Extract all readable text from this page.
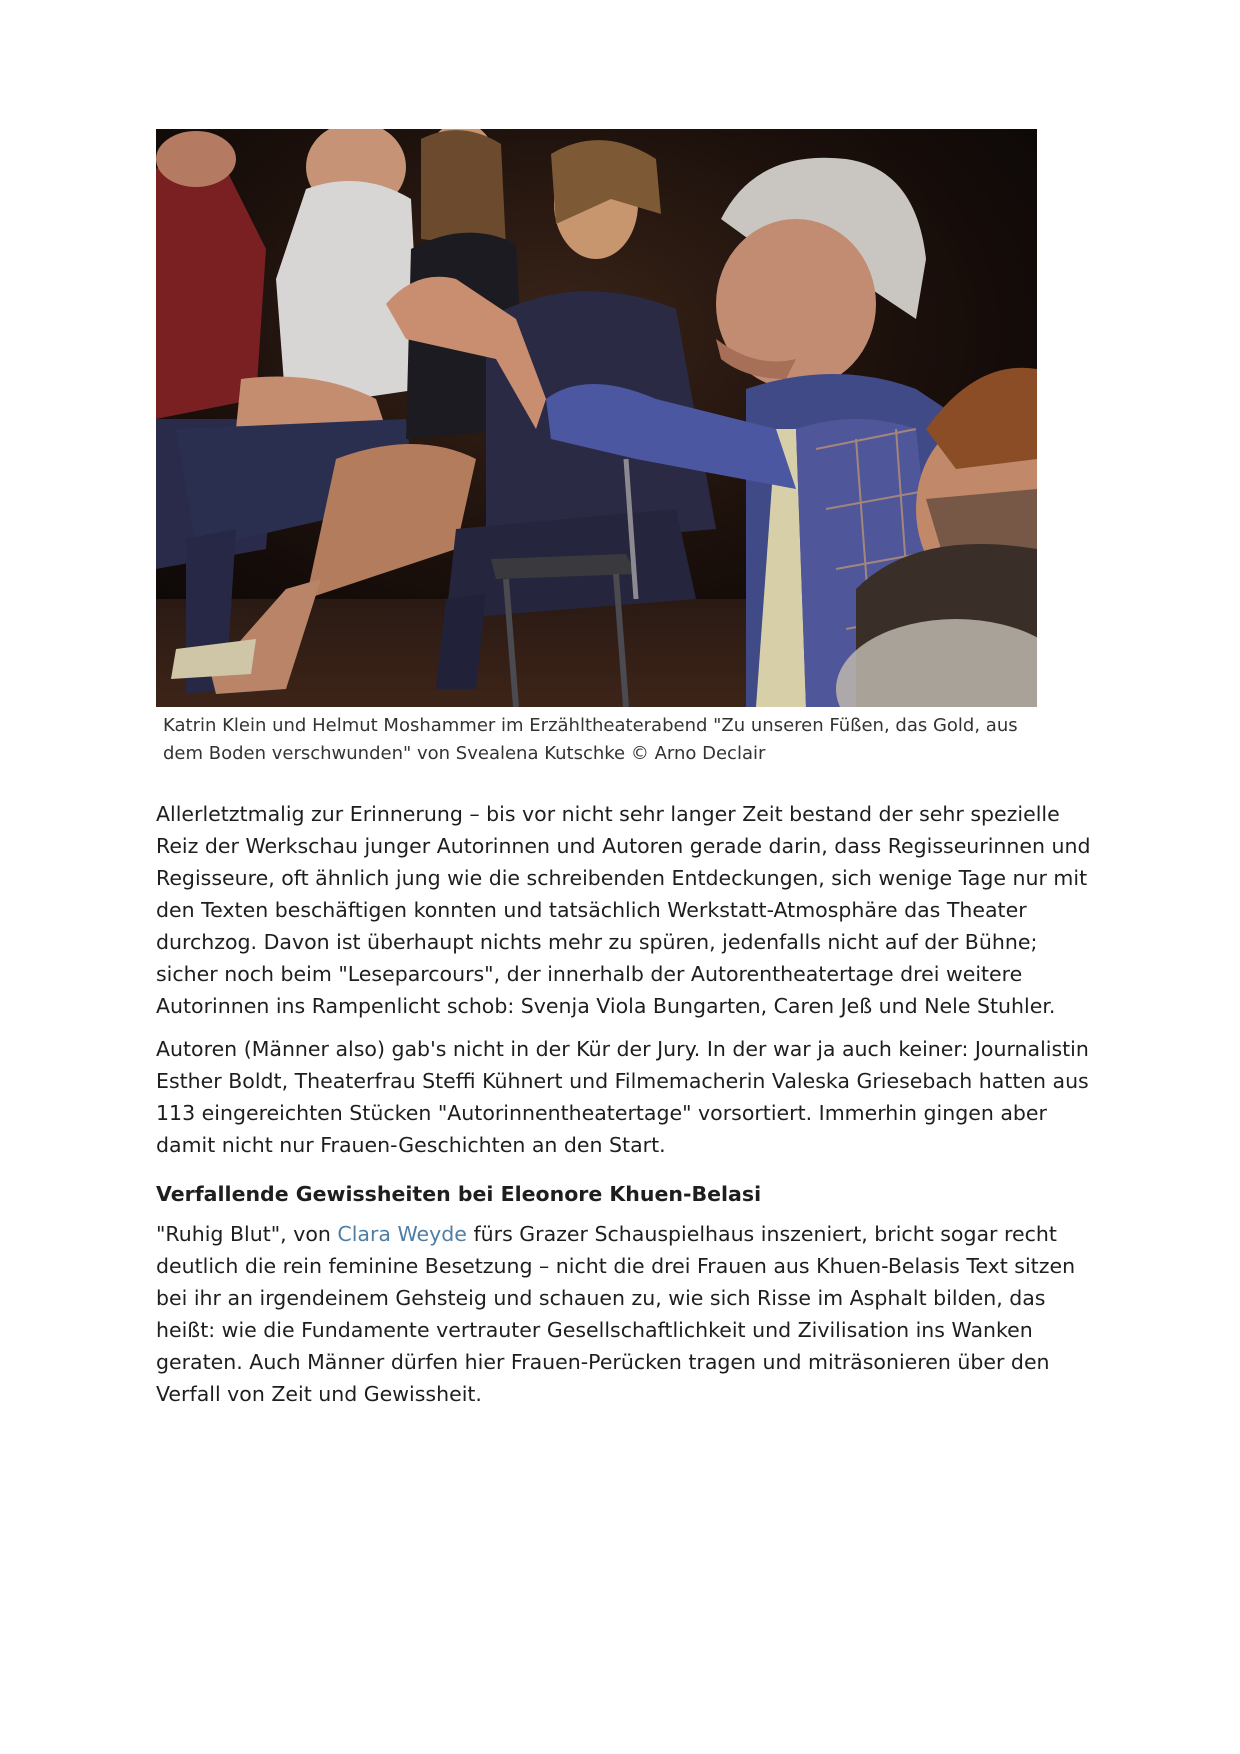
Katrin Klein und Helmut Moshammer im Erzähltheaterabend "Zu unseren Füßen, das Gold, aus dem Boden verschwunden" von Svealena Kutschke © Arno Declair

Allerletztmalig zur Erinnerung – bis vor nicht sehr langer Zeit bestand der sehr spezielle Reiz der Werkschau junger Autorinnen und Autoren gerade darin, dass Regisseurinnen und Regisseure, oft ähnlich jung wie die schreibenden Entdeckungen, sich wenige Tage nur mit den Texten beschäftigen konnten und tatsächlich Werkstatt-Atmosphäre das Theater durchzog. Davon ist überhaupt nichts mehr zu spüren, jedenfalls nicht auf der Bühne; sicher noch beim "Leseparcours", der innerhalb der Autorentheatertage drei weitere Autorinnen ins Rampenlicht schob: Svenja Viola Bungarten, Caren Jeß und Nele Stuhler.

Autoren (Männer also) gab's nicht in der Kür der Jury. In der war ja auch keiner: Journalistin Esther Boldt, Theaterfrau Steffi Kühnert und Filmemacherin Valeska Griesebach hatten aus 113 eingereichten Stücken "Autorinnentheatertage" vorsortiert. Immerhin gingen aber damit nicht nur Frauen-Geschichten an den Start.

Verfallende Gewissheiten bei Eleonore Khuen-Belasi

"Ruhig Blut", von Clara Weyde fürs Grazer Schauspielhaus inszeniert, bricht sogar recht deutlich die rein feminine Besetzung – nicht die drei Frauen aus Khuen-Belasis Text sitzen bei ihr an irgendeinem Gehsteig und schauen zu, wie sich Risse im Asphalt bilden, das heißt: wie die Fundamente vertrauter Gesellschaftlichkeit und Zivilisation ins Wanken geraten. Auch Männer dürfen hier Frauen-Perücken tragen und miträsonieren über den Verfall von Zeit und Gewissheit.
